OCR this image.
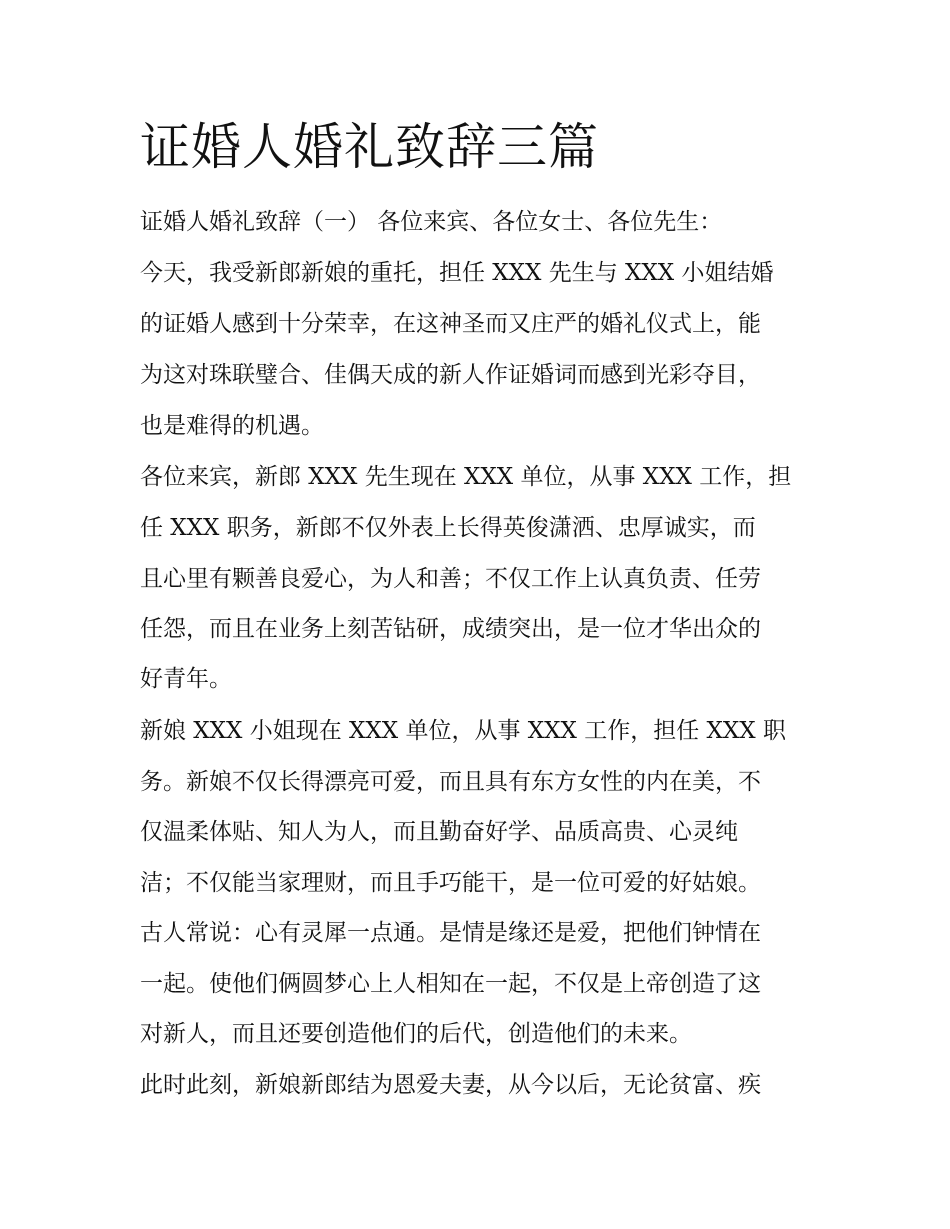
证婚人婚礼致辞三篇

证婚人婚礼致辞（一） 各位来宾、各位女士、各位先生：

今天，我受新郎新娘的重托，担任 XXX 先生与 XXX 小姐结婚

的证婚人感到十分荣幸，在这神圣而又庄严的婚礼仪式上，能

为这对珠联璧合、佳偶天成的新人作证婚词而感到光彩夺目，

也是难得的机遇。

各位来宾，新郎 XXX 先生现在 XXX 单位，从事 XXX 工作，担

任 XXX 职务，新郎不仅外表上长得英俊潇洒、忠厚诚实，而

且心里有颗善良爱心，为人和善；不仅工作上认真负责、任劳

任怨，而且在业务上刻苦钻研，成绩突出，是一位才华出众的

好青年。

新娘 XXX 小姐现在 XXX 单位，从事 XXX 工作，担任 XXX 职

务。新娘不仅长得漂亮可爱，而且具有东方女性的内在美，不

仅温柔体贴、知人为人，而且勤奋好学、品质高贵、心灵纯

洁；不仅能当家理财，而且手巧能干，是一位可爱的好姑娘。

古人常说：心有灵犀一点通。是情是缘还是爱，把他们钟情在

一起。使他们俩圆梦心上人相知在一起，不仅是上帝创造了这

对新人，而且还要创造他们的后代，创造他们的未来。

此时此刻，新娘新郎结为恩爱夫妻，从今以后，无论贫富、疾
